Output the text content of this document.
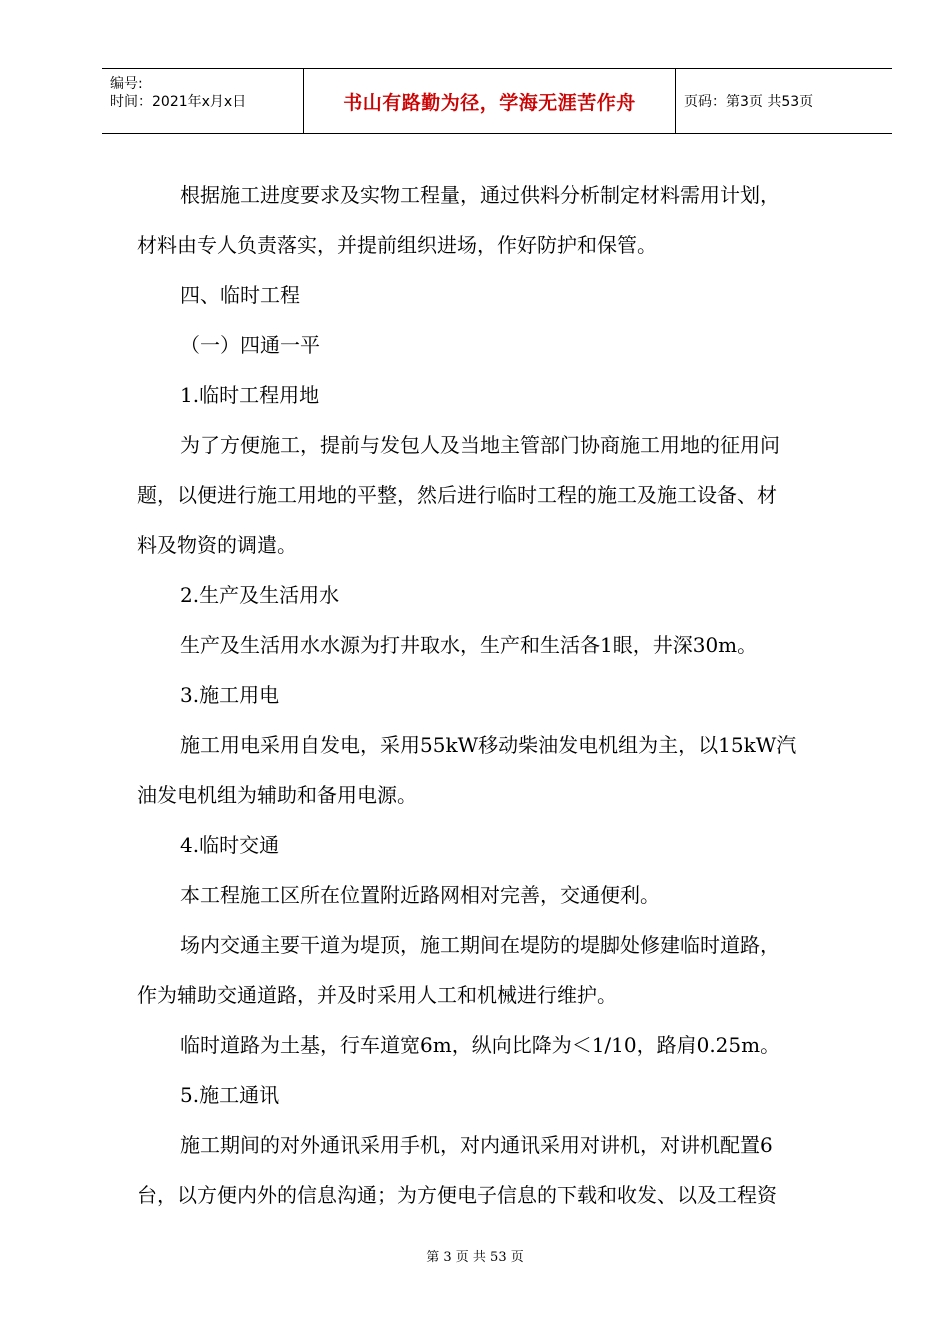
编号:
时间：2021年x月x日	书山有路勤为径，学海无涯苦作舟	页码：第3页 共53页

根据施工进度要求及实物工程量，通过供料分析制定材料需用计划，

材料由专人负责落实，并提前组织进场，作好防护和保管。

四、临时工程

（一）四通一平

1.临时工程用地

为了方便施工，提前与发包人及当地主管部门协商施工用地的征用问

题，以便进行施工用地的平整，然后进行临时工程的施工及施工设备、材

料及物资的调遣。

2.生产及生活用水

生产及生活用水水源为打井取水，生产和生活各1眼，井深30m。

3.施工用电

施工用电采用自发电，采用55kW移动柴油发电机组为主，以15kW汽

油发电机组为辅助和备用电源。

4.临时交通

本工程施工区所在位置附近路网相对完善，交通便利。

场内交通主要干道为堤顶，施工期间在堤防的堤脚处修建临时道路，

作为辅助交通道路，并及时采用人工和机械进行维护。

临时道路为土基，行车道宽6m，纵向比降为＜1/10，路肩0.25m。

5.施工通讯

施工期间的对外通讯采用手机，对内通讯采用对讲机，对讲机配置6

台，以方便内外的信息沟通；为方便电子信息的下载和收发、以及工程资

第 3 页 共 53 页
